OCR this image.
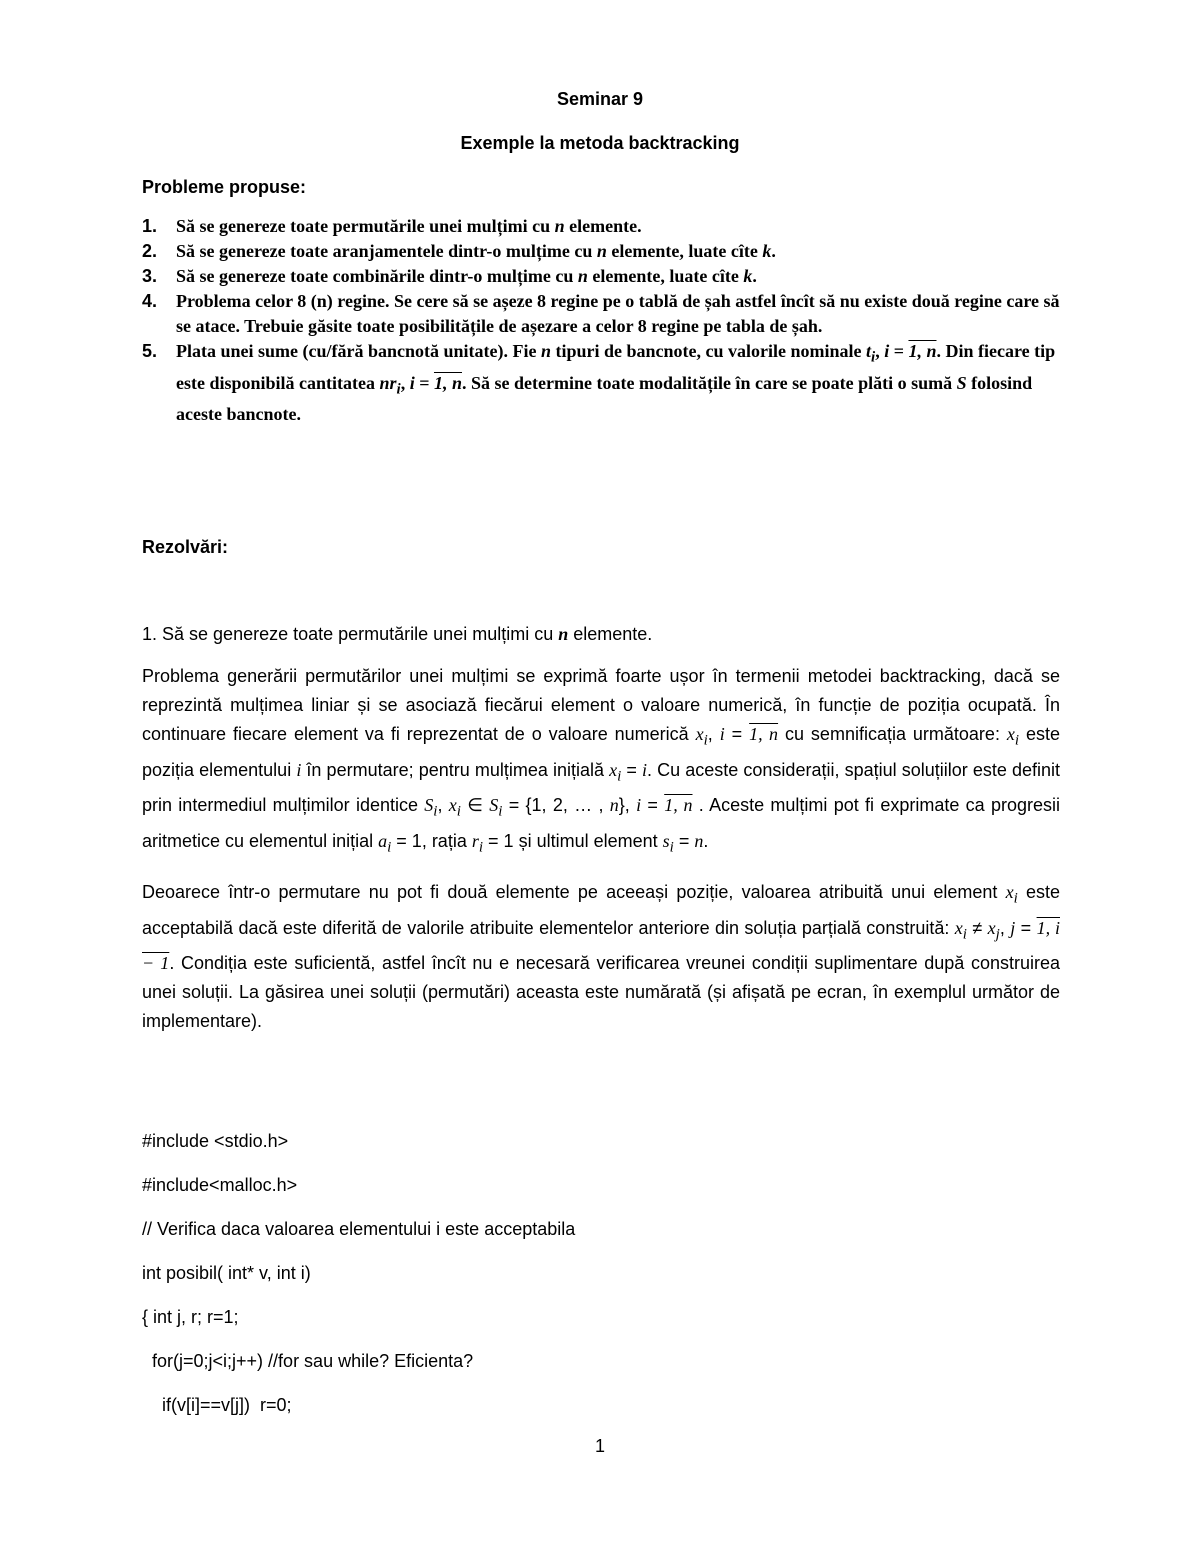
Seminar 9
Exemple la metoda backtracking
Probleme propuse:
1. Să se genereze toate permutările unei mulțimi cu n elemente.
2. Să se genereze toate aranjamentele dintr-o mulțime cu n elemente, luate cîte k.
3. Să se genereze toate combinările dintr-o mulțime cu n elemente, luate cîte k.
4. Problema celor 8 (n) regine. Se cere să se așeze 8 regine pe o tablă de șah astfel încît să nu existe două regine care să se atace. Trebuie găsite toate posibilitățile de așezare a celor 8 regine pe tabla de șah.
5. Plata unei sume (cu/fără bancnotă unitate). Fie n tipuri de bancnote, cu valorile nominale $t_i$, i = 1, n. Din fiecare tip este disponibilă cantitatea $nr_i$, i = 1, n. Să se determine toate modalitățile în care se poate plăti o sumă S folosind aceste bancnote.
Rezolvări:
1. Să se genereze toate permutările unei mulțimi cu n elemente.
Problema generării permutărilor unei mulțimi se exprimă foarte ușor în termenii metodei backtracking, dacă se reprezintă mulțimea liniar și se asociază fiecărui element o valoare numerică, în funcție de poziția ocupată. În continuare fiecare element va fi reprezentat de o valoare numerică $x_i$, i = 1, n cu semnificația următoare: $x_i$ este poziția elementului i în permutare; pentru mulțimea inițială $x_i = i$. Cu aceste considerații, spațiul soluțiilor este definit prin intermediul mulțimilor identice $S_i$, $x_i$ ∈ $S_i = \{1$, 2, … , n}, i = 1, n . Aceste mulțimi pot fi exprimate ca progresii aritmetice cu elementul inițial $a_i = 1$, rația $r_i = 1$ și ultimul element $s_i = n$.
Deoarece într-o permutare nu pot fi două elemente pe aceeași poziție, valoarea atribuită unui element $x_i$ este acceptabilă dacă este diferită de valorile atribuite elementelor anteriore din soluția parțială construită: $x_i \ne x_j$, j = 1, i − 1. Condiția este suficientă, astfel încît nu e necesară verificarea vreunei condiții suplimentare după construirea unei soluții. La găsirea unei soluții (permutări) aceasta este numărată (și afișată pe ecran, în exemplul următor de implementare).
#include <stdio.h>
#include<malloc.h>
// Verifica daca valoarea elementului i este acceptabila
int posibil( int* v, int i)
{ int j, r; r=1;
for(j=0;j<i;j++) //for sau while? Eficienta?
if(v[i]==v[j])  r=0;
1
